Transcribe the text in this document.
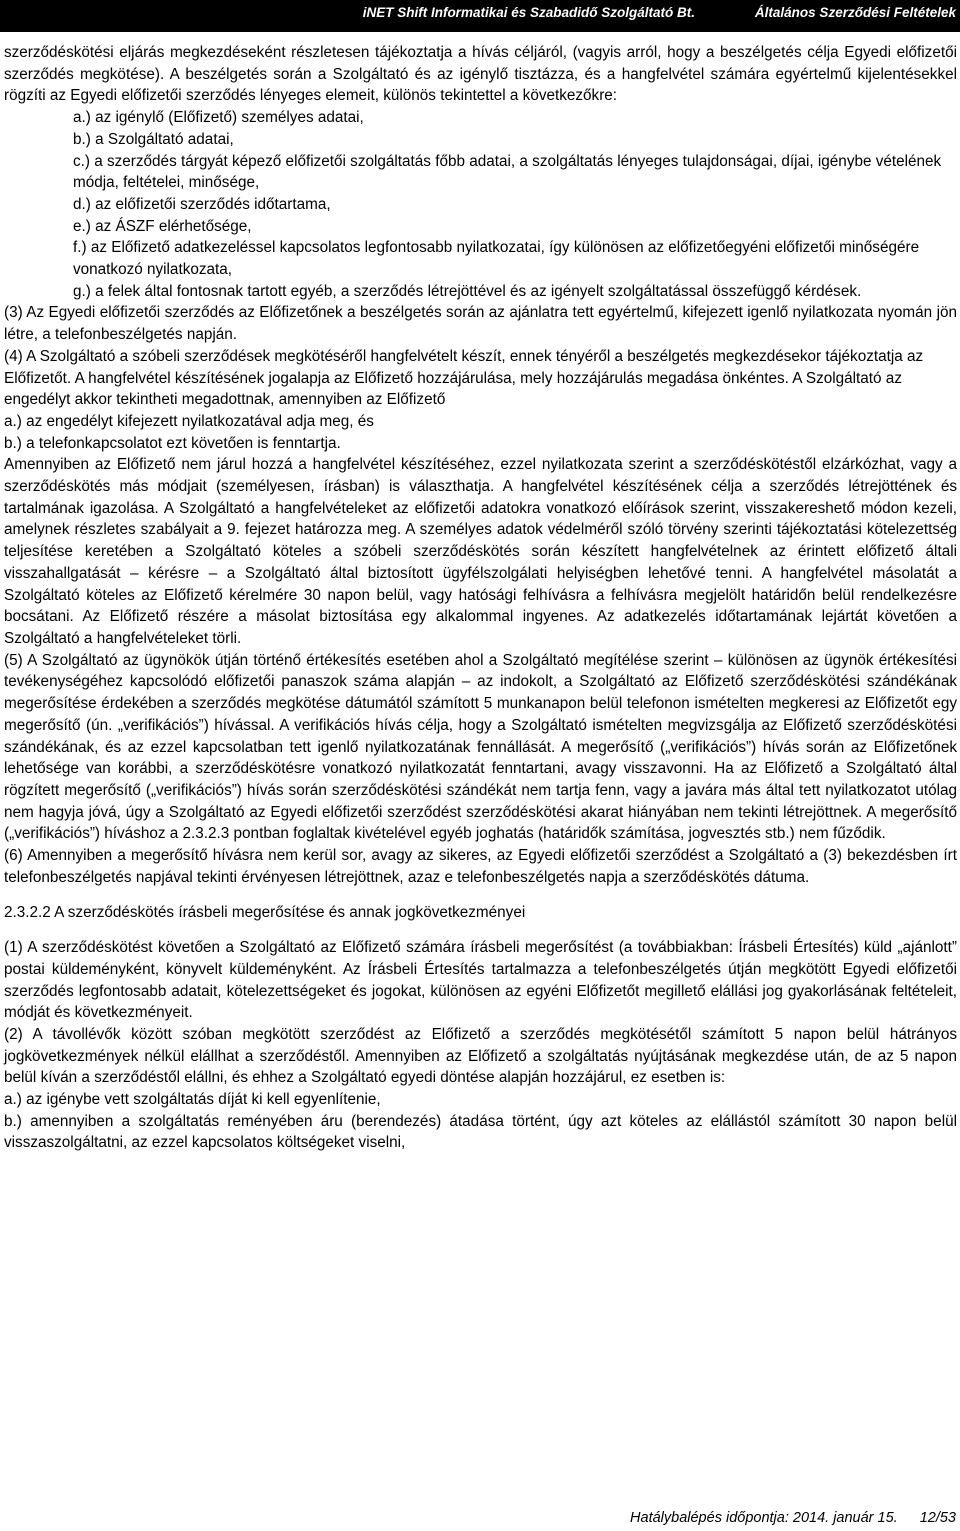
iNET Shift Informatikai és Szabadidő Szolgáltató Bt.	Általános Szerződési Feltételek

szerződéskötési eljárás megkezdéseként részletesen tájékoztatja a hívás céljáról, (vagyis arról, hogy a beszélgetés célja Egyedi előfizetői szerződés megkötése). A beszélgetés során a Szolgáltató és az igénylő tisztázza, és a hangfelvétel számára egyértelmű kijelentésekkel rögzíti az Egyedi előfizetői szerződés lényeges elemeit, különös tekintettel a következőkre:

a.) az igénylő (Előfizető) személyes adatai,

b.) a Szolgáltató adatai,

c.) a szerződés tárgyát képező előfizetői szolgáltatás főbb adatai, a szolgáltatás lényeges tulajdonságai, díjai, igénybe vételének módja, feltételei, minősége,

d.) az előfizetői szerződés időtartama,

e.) az ÁSZF elérhetősége,

f.) az Előfizető adatkezeléssel kapcsolatos legfontosabb nyilatkozatai, így különösen az előfizetőegyéni előfizetői minőségére vonatkozó nyilatkozata,

g.) a felek által fontosnak tartott egyéb, a szerződés létrejöttével és az igényelt szolgáltatással összefüggő kérdések.

(3) Az Egyedi előfizetői szerződés az Előfizetőnek a beszélgetés során az ajánlatra tett egyértelmű, kifejezett igenlő nyilatkozata nyomán jön létre, a telefonbeszélgetés napján.

(4) A Szolgáltató a szóbeli szerződések megkötéséről hangfelvételt készít, ennek tényéről a beszélgetés megkezdésekor tájékoztatja az Előfizetőt. A hangfelvétel készítésének jogalapja az Előfizető hozzájárulása, mely hozzájárulás megadása önkéntes. A Szolgáltató az engedélyt akkor tekintheti megadottnak, amennyiben az Előfizető

a.) az engedélyt kifejezett nyilatkozatával adja meg, és

b.) a telefonkapcsolatot ezt követően is fenntartja.

Amennyiben az Előfizető nem járul hozzá a hangfelvétel készítéséhez, ezzel nyilatkozata szerint a szerződéskötéstől elzárkózhat, vagy a szerződéskötés más módjait (személyesen, írásban) is választhatja. A hangfelvétel készítésének célja a szerződés létrejöttének és tartalmának igazolása. A Szolgáltató a hangfelvételeket az előfizetői adatokra vonatkozó előírások szerint, visszakereshető módon kezeli, amelynek részletes szabályait a 9. fejezet határozza meg. A személyes adatok védelméről szóló törvény szerinti tájékoztatási kötelezettség teljesítése keretében a Szolgáltató köteles a szóbeli szerződéskötés során készített hangfelvételnek az érintett előfizető általi visszahallgatását – kérésre – a Szolgáltató által biztosított ügyfélszolgálati helyiségben lehetővé tenni. A hangfelvétel másolatát a Szolgáltató köteles az Előfizető kérelmére 30 napon belül, vagy hatósági felhívásra a felhívásra megjelölt határidőn belül rendelkezésre bocsátani. Az Előfizető részére a másolat biztosítása egy alkalommal ingyenes. Az adatkezelés időtartamának lejártát követően a Szolgáltató a hangfelvételeket törli.

(5) A Szolgáltató az ügynökök útján történő értékesítés esetében ahol a Szolgáltató megítélése szerint – különösen az ügynök értékesítési tevékenységéhez kapcsolódó előfizetői panaszok száma alapján – az indokolt, a Szolgáltató az Előfizető szerződéskötési szándékának megerősítése érdekében a szerződés megkötése dátumától számított 5 munkanapon belül telefonon ismételten megkeresi az Előfizetőt egy megerősítő (ún. „verifikációs”) hívással. A verifikációs hívás célja, hogy a Szolgáltató ismételten megvizsgálja az Előfizető szerződéskötési szándékának, és az ezzel kapcsolatban tett igenlő nyilatkozatának fennállását. A megerősítő („verifikációs”) hívás során az Előfizetőnek lehetősége van korábbi, a szerződéskötésre vonatkozó nyilatkozatát fenntartani, avagy visszavonni. Ha az Előfizető a Szolgáltató által rögzített megerősítő („verifikációs”) hívás során szerződéskötési szándékát nem tartja fenn, vagy a javára más által tett nyilatkozatot utólag nem hagyja jóvá, úgy a Szolgáltató az Egyedi előfizetői szerződést szerződéskötési akarat hiányában nem tekinti létrejöttnek. A megerősítő („verifikációs”) híváshoz a 2.3.2.3 pontban foglaltak kivételével egyéb joghatás (határidők számítása, jogvesztés stb.) nem fűződik.

(6) Amennyiben a megerősítő hívásra nem kerül sor, avagy az sikeres, az Egyedi előfizetői szerződést a Szolgáltató a (3) bekezdésben írt telefonbeszélgetés napjával tekinti érvényesen létrejöttnek, azaz e telefonbeszélgetés napja a szerződéskötés dátuma.

2.3.2.2 A szerződéskötés írásbeli megerősítése és annak jogkövetkezményei

(1) A szerződéskötést követően a Szolgáltató az Előfizető számára írásbeli megerősítést (a továbbiakban: Írásbeli Értesítés) küld „ajánlott” postai küldeményként, könyvelt küldeményként. Az Írásbeli Értesítés tartalmazza a telefonbeszélgetés útján megkötött Egyedi előfizetői szerződés legfontosabb adatait, kötelezettségeket és jogokat, különösen az egyéni Előfizetőt megillető elállási jog gyakorlásának feltételeit, módját és következményeit.

(2) A távollévők között szóban megkötött szerződést az Előfizető a szerződés megkötésétől számított 5 napon belül hátrányos jogkövetkezmények nélkül elállhat a szerződéstől. Amennyiben az Előfizető a szolgáltatás nyújtásának megkezdése után, de az 5 napon belül kíván a szerződéstől elállni, és ehhez a Szolgáltató egyedi döntése alapján hozzájárul, ez esetben is:

a.) az igénybe vett szolgáltatás díját ki kell egyenlítenie,

b.) amennyiben a szolgáltatás reményében áru (berendezés) átadása történt, úgy azt köteles az elállástól számított 30 napon belül visszaszolgáltatni, az ezzel kapcsolatos költségeket viselni,

Hatálybalépés időpontja: 2014. január 15. 12/53
